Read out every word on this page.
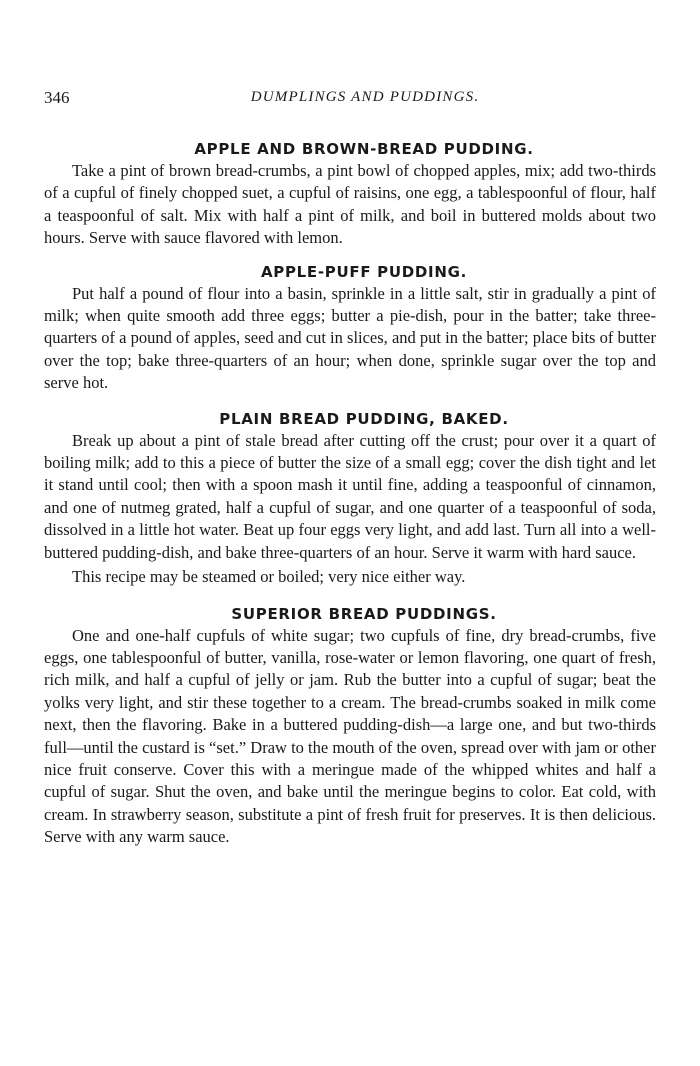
346	DUMPLINGS AND PUDDINGS.
APPLE AND BROWN-BREAD PUDDING.

Take a pint of brown bread-crumbs, a pint bowl of chopped apples, mix; add two-thirds of a cupful of finely chopped suet, a cupful of raisins, one egg, a tablespoonful of flour, half a teaspoonful of salt. Mix with half a pint of milk, and boil in buttered molds about two hours. Serve with sauce flavored with lemon.

APPLE-PUFF PUDDING.

Put half a pound of flour into a basin, sprinkle in a little salt, stir in gradually a pint of milk; when quite smooth add three eggs; butter a pie-dish, pour in the batter; take three-quarters of a pound of apples, seed and cut in slices, and put in the batter; place bits of butter over the top; bake three-quarters of an hour; when done, sprinkle sugar over the top and serve hot.

PLAIN BREAD PUDDING, BAKED.

Break up about a pint of stale bread after cutting off the crust; pour over it a quart of boiling milk; add to this a piece of butter the size of a small egg; cover the dish tight and let it stand until cool; then with a spoon mash it until fine, adding a teaspoonful of cinnamon, and one of nutmeg grated, half a cupful of sugar, and one quarter of a teaspoonful of soda, dissolved in a little hot water. Beat up four eggs very light, and add last. Turn all into a well-buttered pudding-dish, and bake three-quarters of an hour. Serve it warm with hard sauce.

This recipe may be steamed or boiled; very nice either way.

SUPERIOR BREAD PUDDINGS.

One and one-half cupfuls of white sugar; two cupfuls of fine, dry bread-crumbs, five eggs, one tablespoonful of butter, vanilla, rose-water or lemon flavoring, one quart of fresh, rich milk, and half a cupful of jelly or jam. Rub the butter into a cupful of sugar; beat the yolks very light, and stir these together to a cream. The bread-crumbs soaked in milk come next, then the flavoring. Bake in a buttered pudding-dish—a large one, and but two-thirds full—until the custard is “set.” Draw to the mouth of the oven, spread over with jam or other nice fruit conserve. Cover this with a meringue made of the whipped whites and half a cupful of sugar. Shut the oven, and bake until the meringue begins to color. Eat cold, with cream. In strawberry season, substitute a pint of fresh fruit for preserves. It is then delicious. Serve with any warm sauce.
